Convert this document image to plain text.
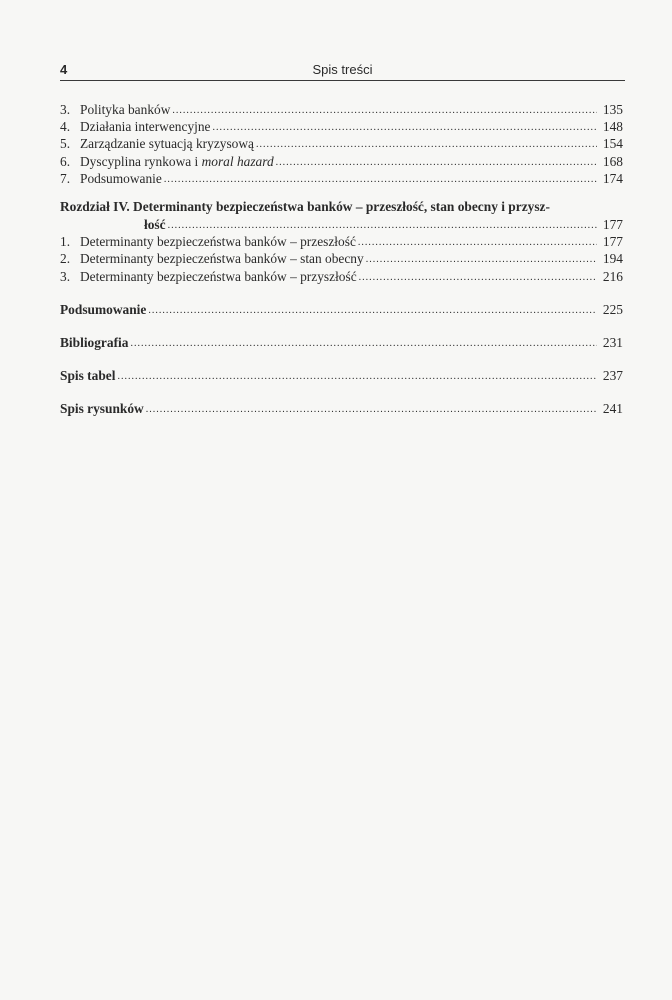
4	Spis treści
3. Polityka banków .....	135
4. Działania interwencyjne .....	148
5. Zarządzanie sytuacją kryzysową .....	154
6. Dyscyplina rynkowa i moral hazard .....	168
7. Podsumowanie .....	174
Rozdział IV. Determinanty bezpieczeństwa banków – przeszłość, stan obecny i przysz-
łość .....	177
1. Determinanty bezpieczeństwa banków – przeszłość .....	177
2. Determinanty bezpieczeństwa banków – stan obecny .....	194
3. Determinanty bezpieczeństwa banków – przyszłość .....	216
Podsumowanie .....	225
Bibliografia .....	231
Spis tabel .....	237
Spis rysunków .....	241
